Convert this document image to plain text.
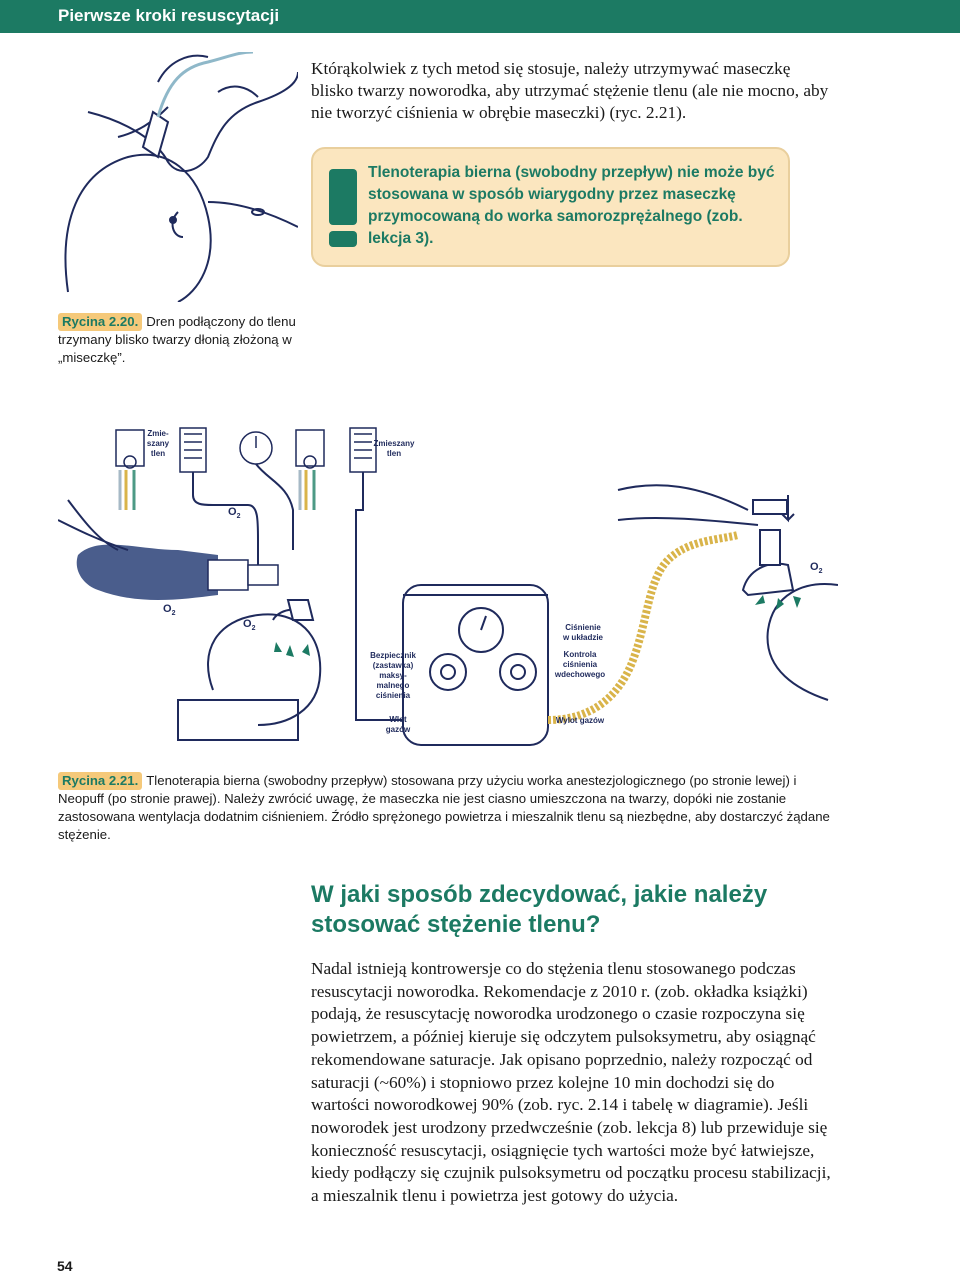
Pierwsze kroki resuscytacji
Którąkolwiek z tych metod się stosuje, należy utrzymywać maseczkę blisko twarzy noworodka, aby utrzymać stężenie tlenu (ale nie mocno, aby nie tworzyć ciśnienia w obrębie maseczki) (ryc. 2.21).
Tlenoterapia bierna (swobodny przepływ) nie może być stosowana w sposób wiarygodny przez maseczkę przymocowaną do worka samorozprężalnego (zob. lekcja 3).
Rycina 2.20. Dren podłączony do tlenu trzymany blisko twarzy dłonią złożoną w „miseczkę”.
Zmie-szany tlen
Zmieszany tlen
$O_2$
$O_2$
$O_2$
$O_2$
Bezpiecznik (zastawka) maksy-malnego ciśnienia
Wlot gazów
Ciśnienie w układzie
Kontrola ciśnienia wdechowego
Wylot gazów
Rycina 2.21. Tlenoterapia bierna (swobodny przepływ) stosowana przy użyciu worka anestezjologicznego (po stronie lewej) i Neopuff (po stronie prawej). Należy zwrócić uwagę, że maseczka nie jest ciasno umieszczona na twarzy, dopóki nie zostanie zastosowana wentylacja dodatnim ciśnieniem. Źródło sprężonego powietrza i mieszalnik tlenu są niezbędne, aby dostarczyć żądane stężenie.
W jaki sposób zdecydować, jakie należy stosować stężenie tlenu?
Nadal istnieją kontrowersje co do stężenia tlenu stosowanego podczas resuscytacji noworodka. Rekomendacje z 2010 r. (zob. okładka książki) podają, że resuscytację noworodka urodzonego o czasie rozpoczyna się powietrzem, a później kieruje się odczytem pulsoksymetru, aby osiągnąć rekomendowane saturacje. Jak opisano poprzednio, należy rozpocząć od saturacji (~60%) i stopniowo przez kolejne 10 min dochodzi się do wartości noworodkowej 90% (zob. ryc. 2.14 i tabelę w diagramie). Jeśli noworodek jest urodzony przedwcześnie (zob. lekcja 8) lub przewiduje się konieczność resuscytacji, osiągnięcie tych wartości może być łatwiejsze, kiedy podłączy się czujnik pulsoksymetru od początku procesu stabilizacji, a mieszalnik tlenu i powietrza jest gotowy do użycia.
54
